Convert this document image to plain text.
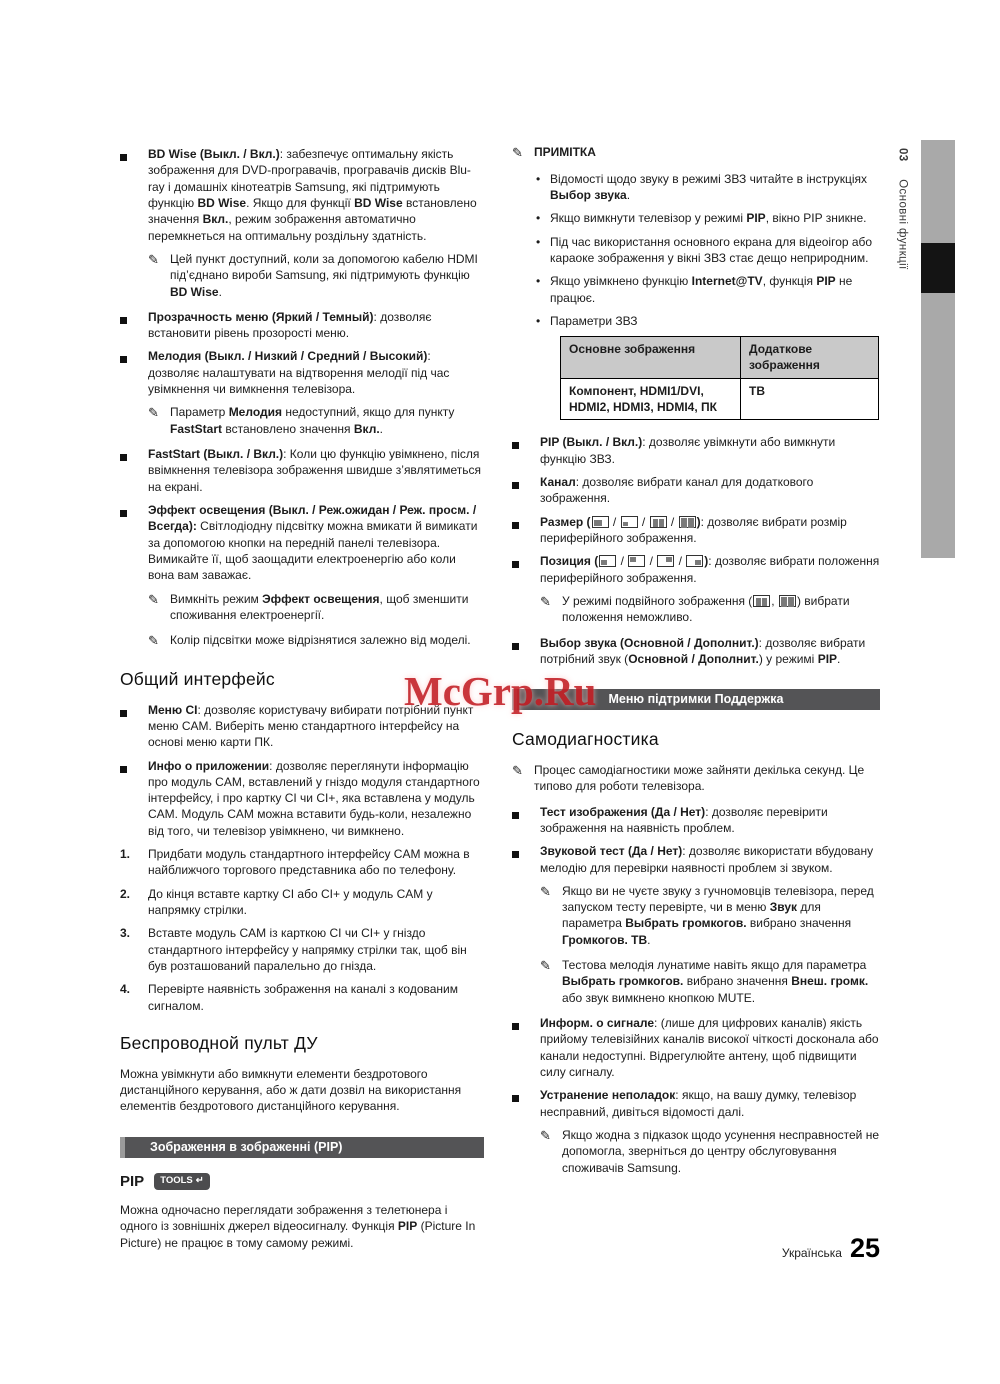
BD Wise (Выкл. / Вкл.): забезпечує оптимальну якість зображення для DVD-програвачів, програвачів дисків Blu-ray і домашніх кінотеатрів Samsung, які підтримують функцію BD Wise. Якщо для функції BD Wise встановлено значення Вкл., режим зображення автоматично перемкнеться на оптимальну роздільну здатність.
✎ Цей пункт доступний, коли за допомогою кабелю HDMI під’єднано вироби Samsung, які підтримують функцію BD Wise.
Прозрачность меню (Яркий / Темный): дозволяє встановити рівень прозорості меню.
Мелодия (Выкл. / Низкий / Средний / Высокий): дозволяє налаштувати на відтворення мелодії під час увімкнення чи вимкнення телевізора.
✎ Параметр Мелодия недоступний, якщо для пункту FastStart встановлено значення Вкл..
FastStart (Выкл. / Вкл.): Коли цю функцію увімкнено, після ввімкнення телевізора зображення швидше з’являтиметься на екрані.
Эффект освещения (Выкл. / Реж.ожидан / Реж. просм. / Всегда): Світлодіодну підсвітку можна вмикати й вимикати за допомогою кнопки на передній панелі телевізора. Вимикайте її, щоб заощадити електроенергію або коли вона вам заважає.
✎ Вимкніть режим Эффект освещения, щоб зменшити споживання електроенергії.
✎ Колір підсвітки може відрізнятися залежно від моделі.
Общий интерфейс
Меню CI: дозволяє користувачу вибирати потрібний пункт меню CAM. Виберіть меню стандартного інтерфейсу на основі меню карти ПК.
Инфо о приложении: дозволяє переглянути інформацію про модуль CAM, вставлений у гніздо модуля стандартного інтерфейсу, і про картку CI чи CI+, яка вставлена у модуль CAM. Модуль CAM можна вставити будь-коли, незалежно від того, чи телевізор увімкнено, чи вимкнено.
1.	Придбати модуль стандартного інтерфейсу CAM можна в найближчого торгового представника або по телефону.
2.	До кінця вставте картку CI або CI+ у модуль CAM у напрямку стрілки.
3.	Вставте модуль CAM із карткою CI чи CI+ у гніздо стандартного інтерфейсу у напрямку стрілки так, щоб він був розташований паралельно до гнізда.
4.	Перевірте наявність зображення на каналі з кодованим сигналом.
Беспроводной пульт ДУ

Можна увімкнути або вимкнути елементи бездротового дистанційного керування, або ж дати дозвіл на використання елементів бездротового дистанційного керування.

Зображення в зображенні (PIP)
PIP TOOLS ↵

Можна одночасно переглядати зображення з телетюнера і одного із зовнішніх джерел відеосигналу. Функція PIP (Picture In Picture) не працює в тому самому режимі.

✎ ПРИМІТКА
• Відомості щодо звуку в режимі ЗВЗ читайте в інструкціях Выбор звука.
• Якщо вимкнути телевізор у режимі PIP, вікно PIP зникне.
• Під час використання основного екрана для відеоігор або караоке зображення у вікні ЗВЗ стає дещо неприродним.
• Якщо увімкнено функцію Internet@TV, функція PIP не працює.
• Параметри ЗВЗ
Основне зображення	Додаткове зображення
Компонент, HDMI1/DVI, HDMI2, HDMI3, HDMI4, ПК	ТВ
PIP (Выкл. / Вкл.): дозволяє увімкнути або вимкнути функцію ЗВЗ.
Канал: дозволяє вибрати канал для додаткового зображення.
Размер ( /  /  / ): дозволяє вибрати розмір периферійного зображення.
Позиция ( /  /  / ): дозволяє вибрати положення периферійного зображення.
✎ У режимі подвійного зображення ( , ) вибрати положення неможливо.
Выбор звука (Основной / Дополнит.): дозволяє вибрати потрібний звук (Основной / Дополнит.) у режимі PIP.
Меню підтримки Поддержка
Самодиагностика
✎ Процес самодіагностики може зайняти декілька секунд. Це типово для роботи телевізора.
Тест изображения (Да / Нет): дозволяє перевірити зображення на наявність проблем.
Звуковой тест (Да / Нет): дозволяє використати вбудовану мелодію для перевірки наявності проблем зі звуком.
✎ Якщо ви не чуєте звуку з гучномовців телевізора, перед запуском тесту перевірте, чи в меню Звук для параметра Выбрать громкогов. вибрано значення Громкогов. ТВ.
✎ Тестова мелодія лунатиме навіть якщо для параметра Выбрать громкогов. вибрано значення Внеш. громк. або звук вимкнено кнопкою MUTE.
Информ. о сигнале: (лише для цифрових каналів) якість прийому телевізійних каналів високої чіткості досконала або канали недоступні. Відрегулюйте антену, щоб підвищити силу сигналу.
Устранение неполадок: якщо, на вашу думку, телевізор несправний, дивіться відомості далі.
✎ Якщо жодна з підказок щодо усунення несправностей не допомогла, зверніться до центру обслуговування споживачів Samsung.
03 Основні функції
McGrp.Ru
Українська 25
